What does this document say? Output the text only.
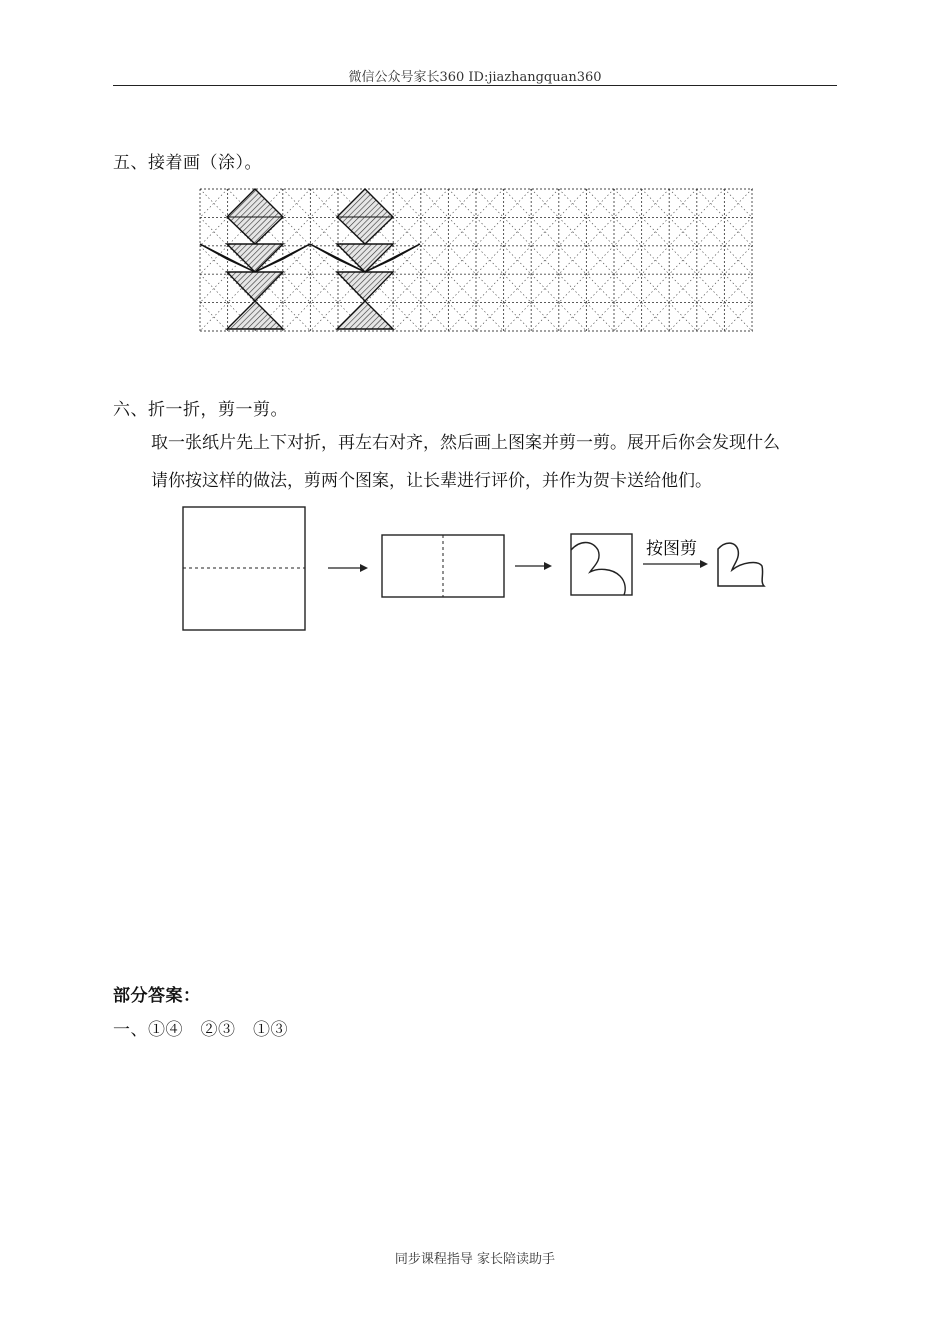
微信公众号家长360 ID:jiazhangquan360
五、接着画（涂）。
六、折一折，剪一剪。
取一张纸片先上下对折，再左右对齐，然后画上图案并剪一剪。展开后你会发现什么
请你按这样的做法，剪两个图案，让长辈进行评价，并作为贺卡送给他们。
按图剪
部分答案：
一、①④　②③　①③
同步课程指导 家长陪读助手
